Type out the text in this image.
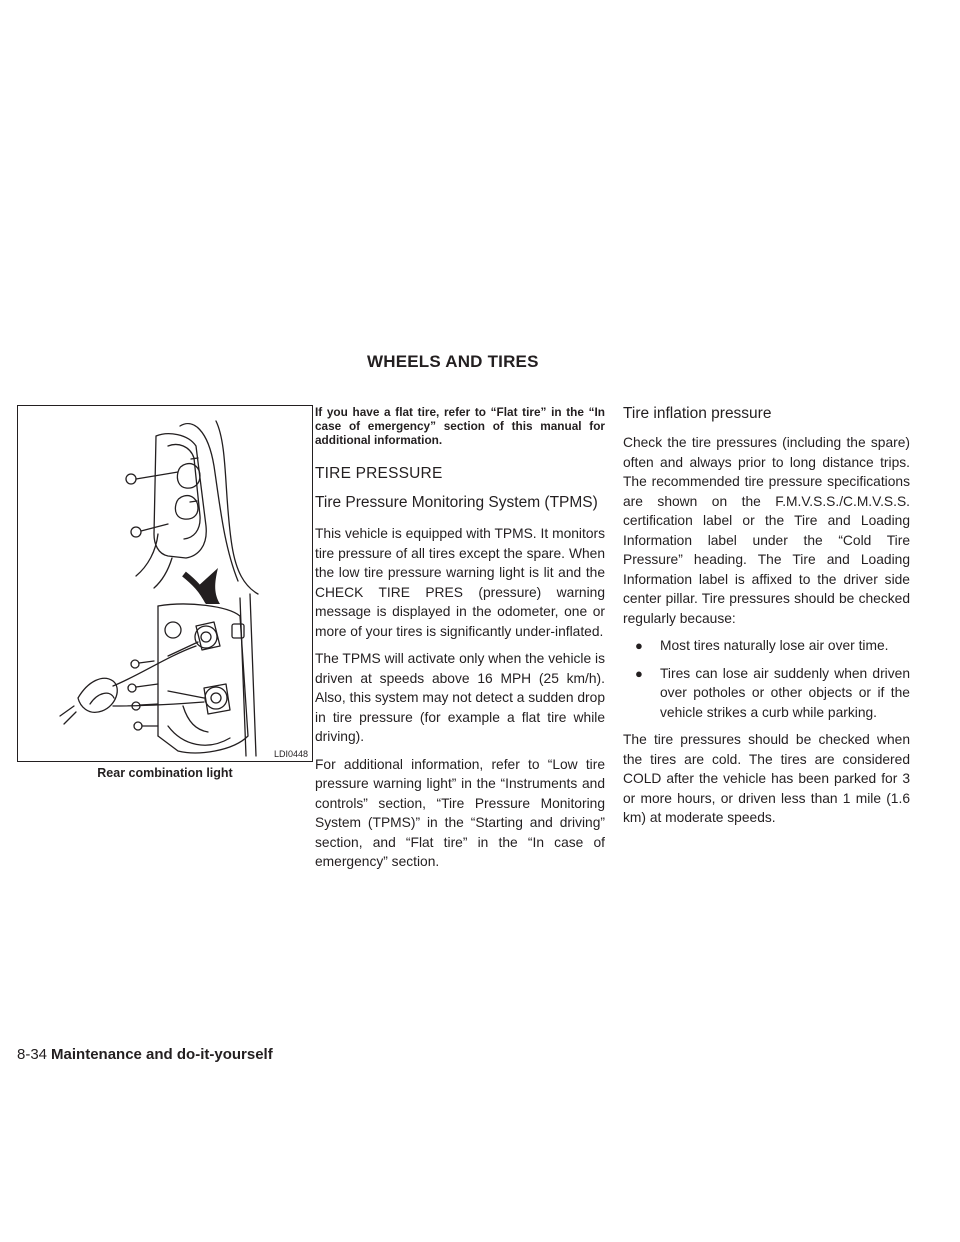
WHEELS AND TIRES
LDI0448
Rear combination light

If you have a flat tire, refer to “Flat tire” in the “In case of emergency” section of this manual for additional information.

TIRE PRESSURE
Tire Pressure Monitoring System (TPMS)

This vehicle is equipped with TPMS. It monitors tire pressure of all tires except the spare. When the low tire pressure warning light is lit and the CHECK TIRE PRES (pressure) warning message is displayed in the odometer, one or more of your tires is significantly under-inflated.

The TPMS will activate only when the vehicle is driven at speeds above 16 MPH (25 km/h). Also, this system may not detect a sudden drop in tire pressure (for example a flat tire while driving).

For additional information, refer to “Low tire pressure warning light” in the “Instruments and controls” section, “Tire Pressure Monitoring System (TPMS)” in the “Starting and driving” section, and “Flat tire” in the “In case of emergency” section.

Tire inflation pressure

Check the tire pressures (including the spare) often and always prior to long distance trips. The recommended tire pressure specifications are shown on the F.M.V.S.S./C.M.V.S.S. certification label or the Tire and Loading Information label under the “Cold Tire Pressure” heading. The Tire and Loading Information label is affixed to the driver side center pillar. Tire pressures should be checked regularly because:

● Most tires naturally lose air over time.
● Tires can lose air suddenly when driven over potholes or other objects or if the vehicle strikes a curb while parking.

The tire pressures should be checked when the tires are cold. The tires are considered COLD after the vehicle has been parked for 3 or more hours, or driven less than 1 mile (1.6 km) at moderate speeds.

8-34 Maintenance and do-it-yourself
